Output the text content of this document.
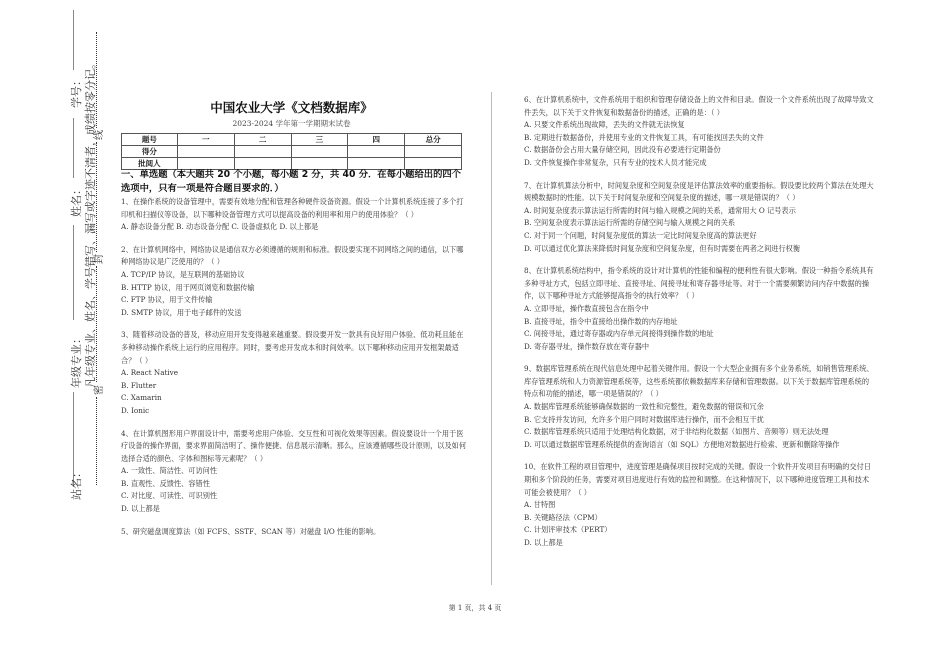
学号：
姓名：
年级专业：
站名：
凡年级专业、姓名、学号错写、漏写或字迹不清者，成绩按零分记。
线
封
密
中国农业大学《文档数据库》
2023-2024 学年第一学期期末试卷
题号	一	二	三	四	总分
得分					
批阅人					
一、单选题（本大题共 20 个小题，每小题 2 分，共 40 分．在每小题给出的四个选项中，只有一项是符合题目要求的．）

1、在操作系统的设备管理中，需要有效地分配和管理各种硬件设备资源。假设一个计算机系统连接了多个打印机和扫描仪等设备，以下哪种设备管理方式可以提高设备的利用率和用户的使用体验？（ ）

A. 静态设备分配 B. 动态设备分配 C. 设备虚拟化 D. 以上都是

2、在计算机网络中，网络协议是通信双方必须遵循的规则和标准。假设要实现不同网络之间的通信，以下哪种网络协议是广泛使用的？（ ）

A. TCP/IP 协议，是互联网的基础协议

B. HTTP 协议，用于网页浏览和数据传输

C. FTP 协议，用于文件传输

D. SMTP 协议，用于电子邮件的发送

3、随着移动设备的普及，移动应用开发变得越来越重要。假设要开发一款具有良好用户体验、低功耗且能在多种移动操作系统上运行的应用程序。同时，要考虑开发成本和时间效率。以下哪种移动应用开发框架最适合？（ ）

A. React Native

B. Flutter

C. Xamarin

D. Ionic

4、在计算机图形用户界面设计中，需要考虑用户体验、交互性和可视化效果等因素。假设要设计一个用于医疗设备的操作界面，要求界面简洁明了、操作便捷、信息展示清晰。那么，应该遵循哪些设计原则，以及如何选择合适的颜色、字体和图标等元素呢？（ ）

A. 一致性、简洁性、可访问性

B. 直观性、反馈性、容错性

C. 对比度、可读性、可识别性

D. 以上都是

5、研究磁盘调度算法（如 FCFS、SSTF、SCAN 等）对磁盘 I/O 性能的影响。

6、在计算机系统中，文件系统用于组织和管理存储设备上的文件和目录。假设一个文件系统出现了故障导致文件丢失，以下关于文件恢复和数据备份的描述，正确的是：（ ）

A. 只要文件系统出现故障，丢失的文件就无法恢复

B. 定期进行数据备份，并使用专业的文件恢复工具，有可能找回丢失的文件

C. 数据备份会占用大量存储空间，因此没有必要进行定期备份

D. 文件恢复操作非常复杂，只有专业的技术人员才能完成

7、在计算机算法分析中，时间复杂度和空间复杂度是评估算法效率的重要指标。假设要比较两个算法在处理大规模数据时的性能。以下关于时间复杂度和空间复杂度的描述，哪一项是错误的？（ ）

A. 时间复杂度表示算法运行所需的时间与输入规模之间的关系，通常用大 O 记号表示

B. 空间复杂度表示算法运行所需的存储空间与输入规模之间的关系

C. 对于同一个问题，时间复杂度低的算法一定比时间复杂度高的算法更好

D. 可以通过优化算法来降低时间复杂度和空间复杂度，但有时需要在两者之间进行权衡

8、在计算机系统结构中，指令系统的设计对计算机的性能和编程的便利性有很大影响。假设一种指令系统具有多种寻址方式，包括立即寻址、直接寻址、间接寻址和寄存器寻址等。对于一个需要频繁访问内存中数据的操作，以下哪种寻址方式能够提高指令的执行效率？（ ）

A. 立即寻址，操作数直接包含在指令中

B. 直接寻址，指令中直接给出操作数的内存地址

C. 间接寻址，通过寄存器或内存单元间接得到操作数的地址

D. 寄存器寻址，操作数存放在寄存器中

9、数据库管理系统在现代信息处理中起着关键作用。假设一个大型企业拥有多个业务系统，如销售管理系统、库存管理系统和人力资源管理系统等，这些系统都依赖数据库来存储和管理数据。以下关于数据库管理系统的特点和功能的描述，哪一项是错误的？（ ）

A. 数据库管理系统能够确保数据的一致性和完整性，避免数据的错误和冗余

B. 它支持并发访问，允许多个用户同时对数据库进行操作，而不会相互干扰

C. 数据库管理系统只适用于处理结构化数据，对于非结构化数据（如图片、音频等）则无法处理

D. 可以通过数据库管理系统提供的查询语言（如 SQL）方便地对数据进行检索、更新和删除等操作

10、在软件工程的项目管理中，进度管理是确保项目按时完成的关键。假设一个软件开发项目有明确的交付日期和多个阶段的任务，需要对项目进度进行有效的监控和调整。在这种情况下，以下哪种进度管理工具和技术可能会被使用？（ ）

A. 甘特图

B. 关键路径法（CPM）

C. 计划评审技术（PERT）

D. 以上都是

第 1 页，共 4 页
